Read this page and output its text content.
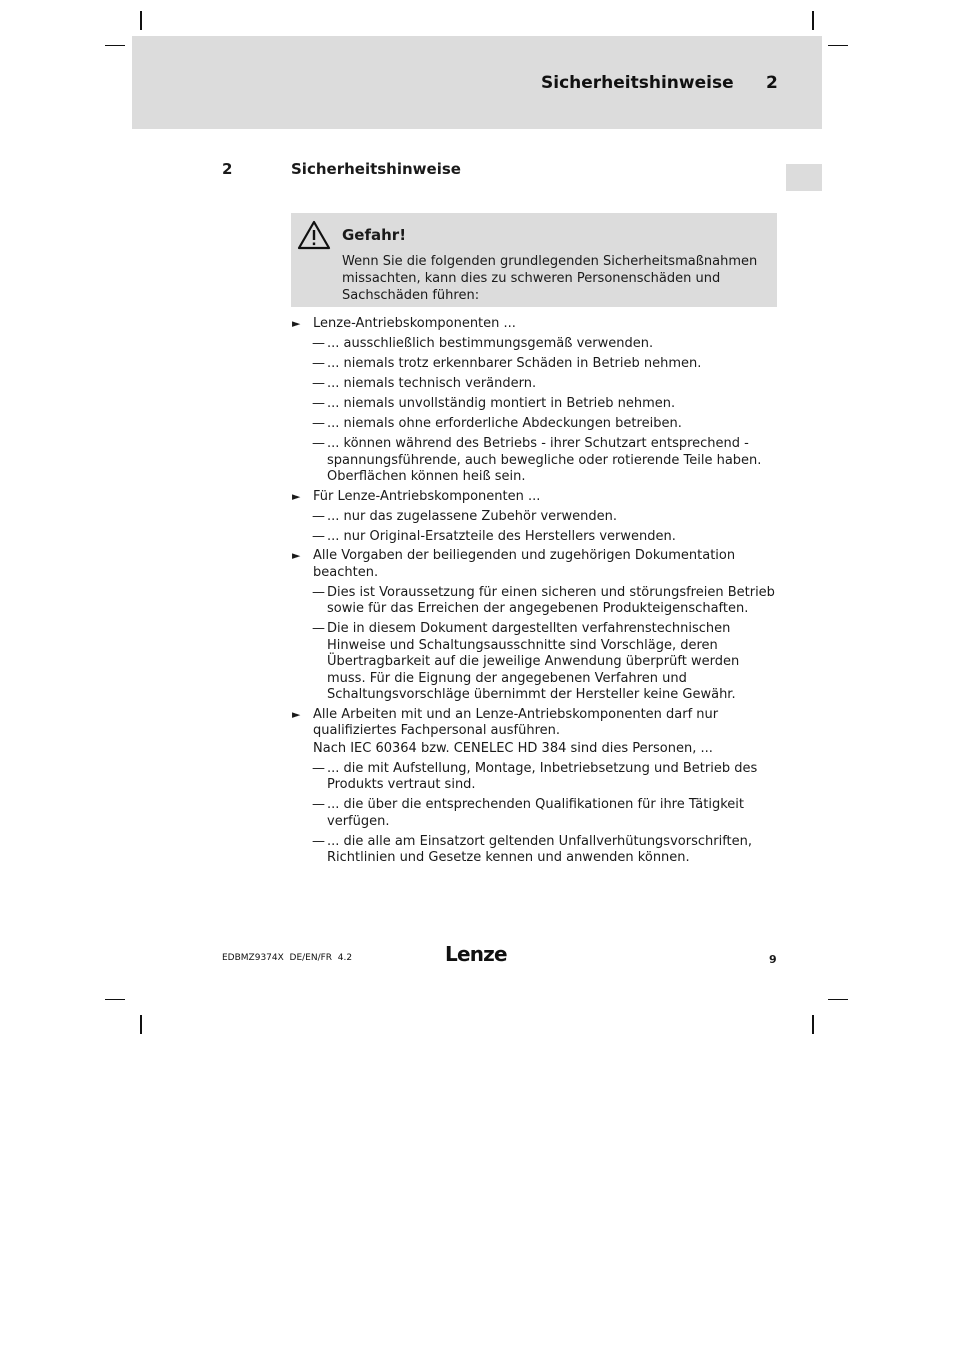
Sicherheitshinweise 2
2	Sicherheitshinweise
Gefahr!
Wenn Sie die folgenden grundlegenden Sicherheitsmaßnahmen missachten, kann dies zu schweren Personenschäden und Sachschäden führen:
► Lenze-Antriebskomponenten ...
— ... ausschließlich bestimmungsgemäß verwenden.
— ... niemals trotz erkennbarer Schäden in Betrieb nehmen.
— ... niemals technisch verändern.
— ... niemals unvollständig montiert in Betrieb nehmen.
— ... niemals ohne erforderliche Abdeckungen betreiben.
— ... können während des Betriebs - ihrer Schutzart entsprechend - spannungsführende, auch bewegliche oder rotierende Teile haben. Oberflächen können heiß sein.
► Für Lenze-Antriebskomponenten ...
— ... nur das zugelassene Zubehör verwenden.
— ... nur Original-Ersatzteile des Herstellers verwenden.
► Alle Vorgaben der beiliegenden und zugehörigen Dokumentation beachten.
— Dies ist Voraussetzung für einen sicheren und störungsfreien Betrieb sowie für das Erreichen der angegebenen Produkteigenschaften.
— Die in diesem Dokument dargestellten verfahrenstechnischen Hinweise und Schaltungsausschnitte sind Vorschläge, deren Übertragbarkeit auf die jeweilige Anwendung überprüft werden muss. Für die Eignung der angegebenen Verfahren und Schaltungsvorschläge übernimmt der Hersteller keine Gewähr.
► Alle Arbeiten mit und an Lenze-Antriebskomponenten darf nur qualifiziertes Fachpersonal ausführen.
Nach IEC 60364 bzw. CENELEC HD 384 sind dies Personen, ...
— ... die mit Aufstellung, Montage, Inbetriebsetzung und Betrieb des Produkts vertraut sind.
— ... die über die entsprechenden Qualifikationen für ihre Tätigkeit verfügen.
— ... die alle am Einsatzort geltenden Unfallverhütungsvorschriften, Richtlinien und Gesetze kennen und anwenden können.
EDBMZ9374X  DE/EN/FR  4.2	Lenze	9
